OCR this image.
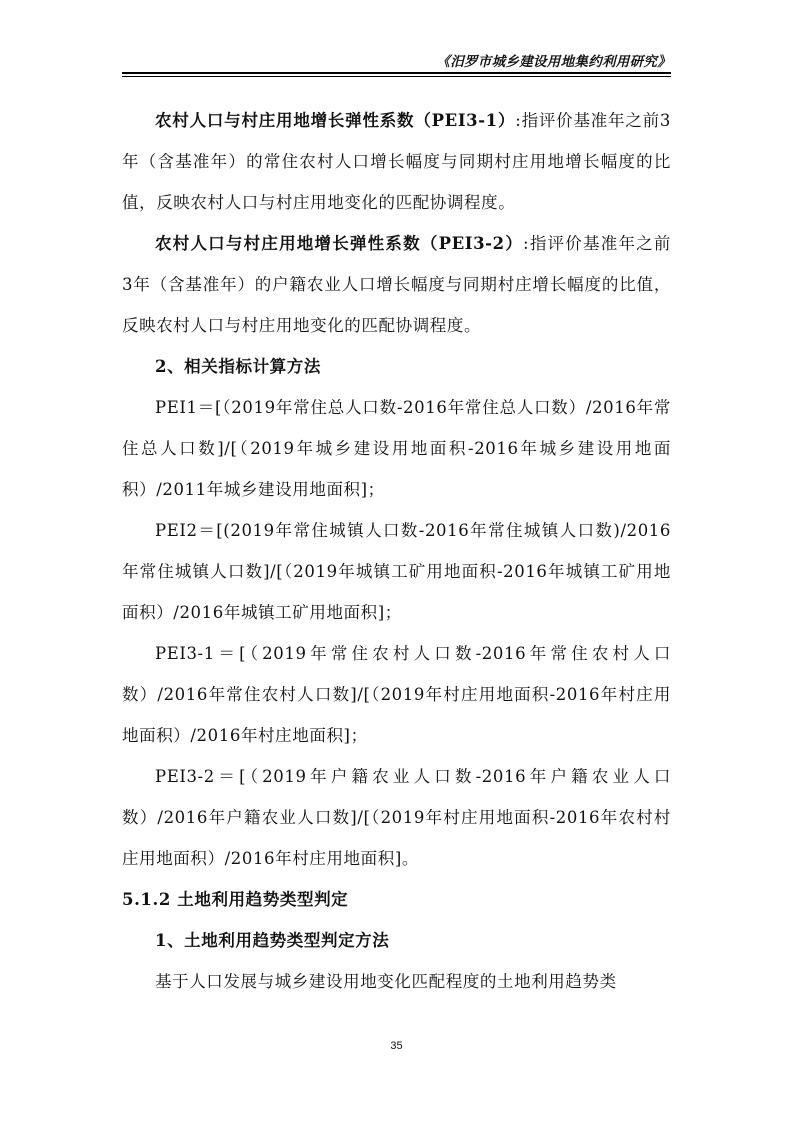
《汨罗市城乡建设用地集约利用研究》

农村人口与村庄用地增长弹性系数（PEI3-1）:指评价基准年之前3年（含基准年）的常住农村人口增长幅度与同期村庄用地增长幅度的比值，反映农村人口与村庄用地变化的匹配协调程度。

农村人口与村庄用地增长弹性系数（PEI3-2）:指评价基准年之前 3年（含基准年）的户籍农业人口增长幅度与同期村庄增长幅度的比值，反映农村人口与村庄用地变化的匹配协调程度。

2、相关指标计算方法

PEI1＝[（2019年常住总人口数-2016年常住总人口数）/2016年常住总人口数]/[（2019年城乡建设用地面积-2016年城乡建设用地面积）/2011年城乡建设用地面积]；

PEI2＝[(2019年常住城镇人口数-2016年常住城镇人口数)/2016年常住城镇人口数]/[（2019年城镇工矿用地面积-2016年城镇工矿用地面积）/2016年城镇工矿用地面积]；

PEI3-1＝[（2019年常住农村人口数-2016年常住农村人口数）/2016年常住农村人口数]/[（2019年村庄用地面积-2016年村庄用地面积）/2016年村庄地面积]；

PEI3-2＝[（2019年户籍农业人口数-2016年户籍农业人口数）/2016年户籍农业人口数]/[（2019年村庄用地面积-2016年农村村庄用地面积）/2016年村庄用地面积]。

5.1.2 土地利用趋势类型判定

1、土地利用趋势类型判定方法

基于人口发展与城乡建设用地变化匹配程度的土地利用趋势类

35
